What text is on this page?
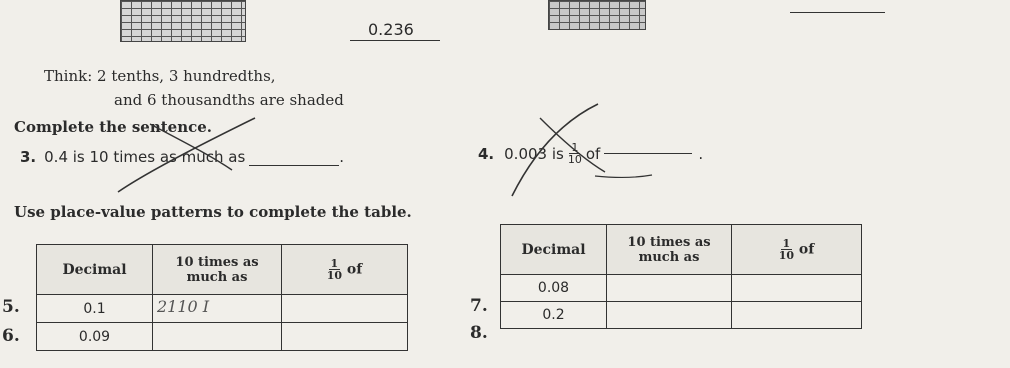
0.236
Think: 2 tenths, 3 hundredths,
and 6 thousandths are shaded
Complete the sentence.
3. 0.4 is 10 times as much as	.	4. 0.003 is $\frac{1}{10}$ of	.
Use place-value patterns to complete the table.
5.
6.
Decimal	10 times as much as	$\frac{1}{10}$ of
0.1	2110 I	

0.09		
7.
8.
Decimal	10 times as much as	$\frac{1}{10}$ of
0.08		
0.2		
